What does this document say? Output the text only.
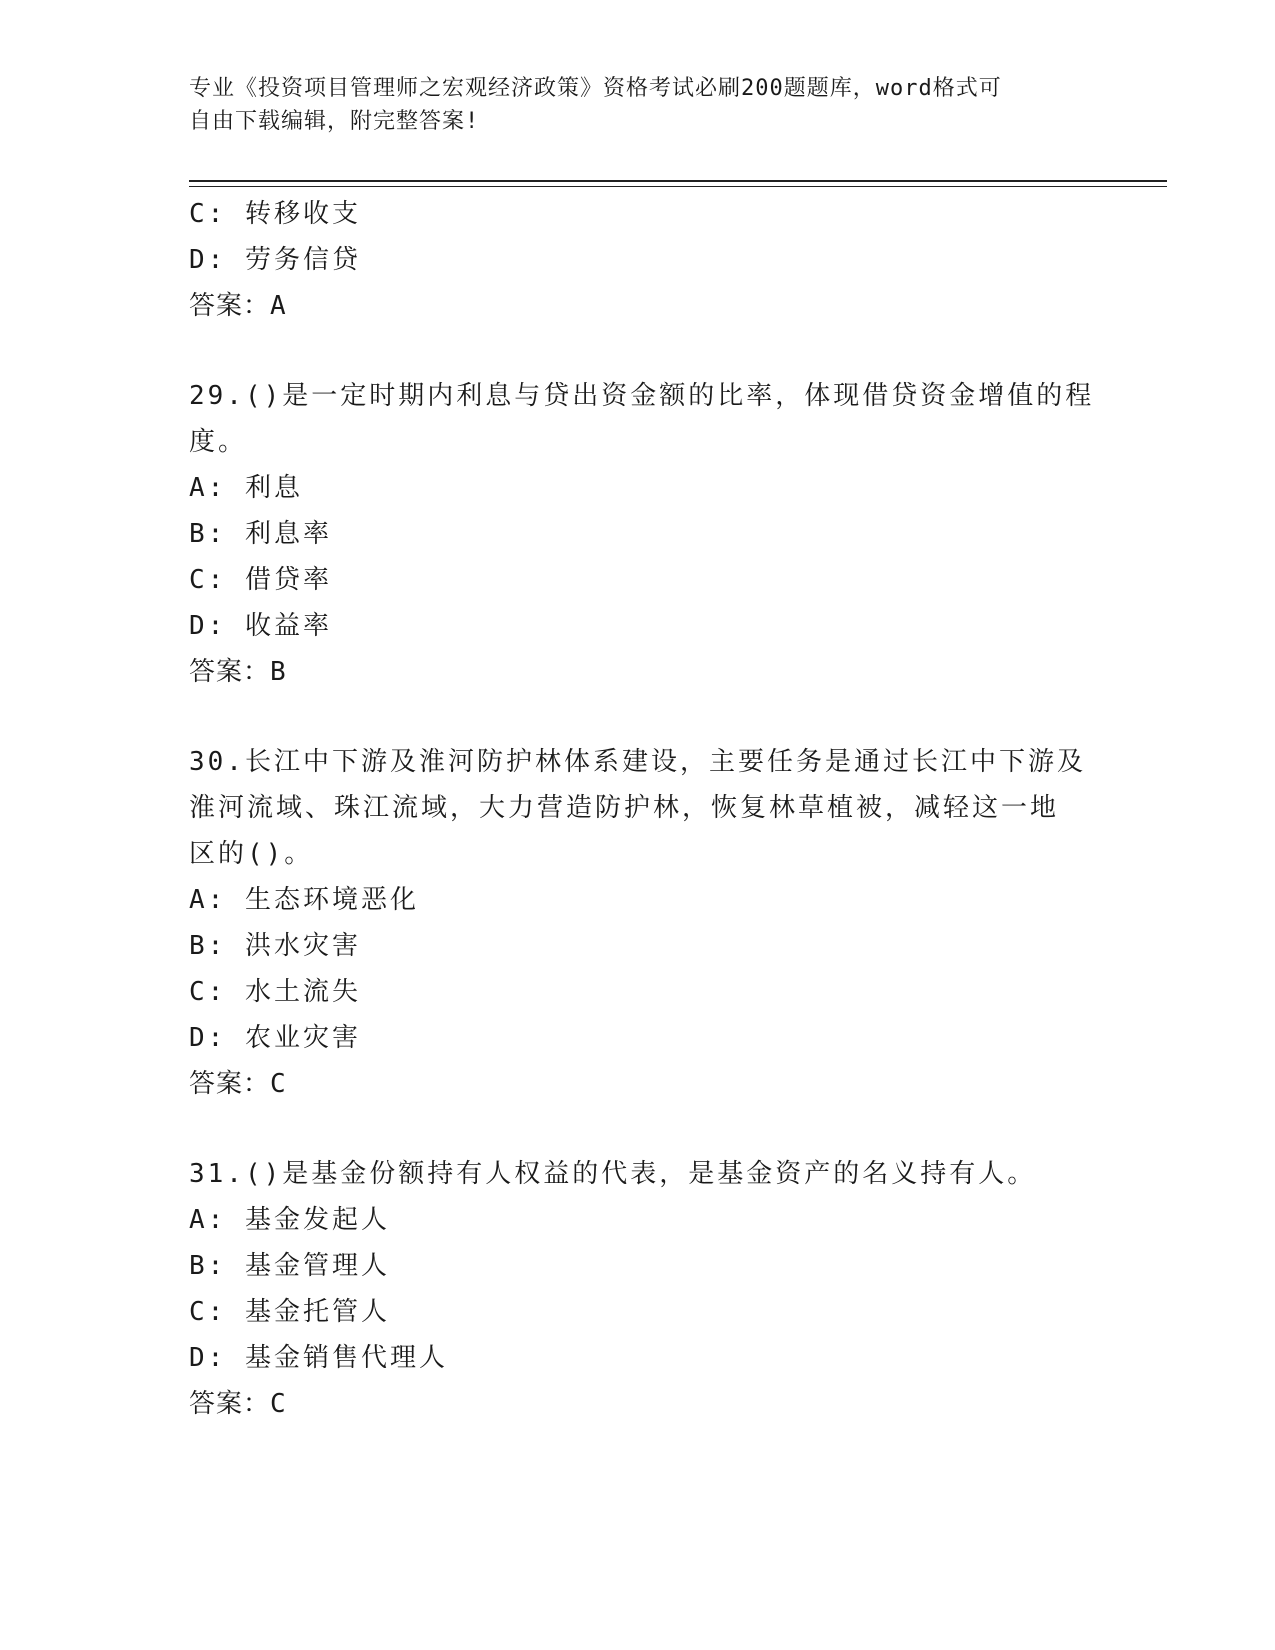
专业《投资项目管理师之宏观经济政策》资格考试必刷200题题库，word格式可
自由下载编辑，附完整答案!
C: 转移收支
D: 劳务信贷
答案：A
29.()是一定时期内利息与贷出资金额的比率，体现借贷资金增值的程
度。
A: 利息
B: 利息率
C: 借贷率
D: 收益率
答案：B
30.长江中下游及淮河防护林体系建设，主要任务是通过长江中下游及
淮河流域、珠江流域，大力营造防护林，恢复林草植被，减轻这一地
区的()。
A: 生态环境恶化
B: 洪水灾害
C: 水土流失
D: 农业灾害
答案：C
31.()是基金份额持有人权益的代表，是基金资产的名义持有人。
A: 基金发起人
B: 基金管理人
C: 基金托管人
D: 基金销售代理人
答案：C
